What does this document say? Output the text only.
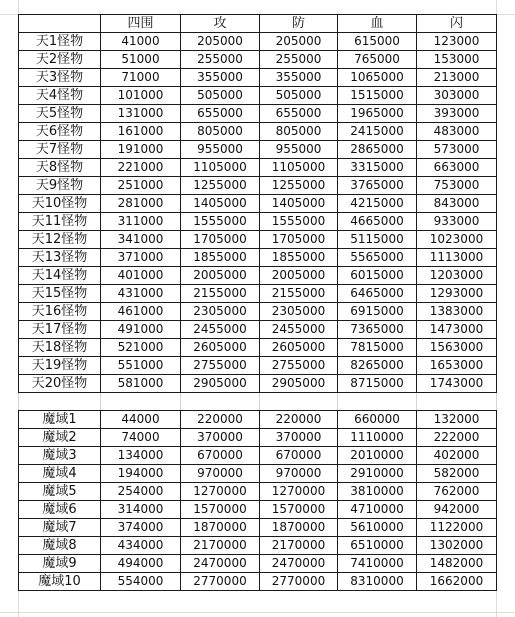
	四围	攻	防	血	闪
天1怪物	41000	205000	205000	615000	123000
天2怪物	51000	255000	255000	765000	153000
天3怪物	71000	355000	355000	1065000	213000
天4怪物	101000	505000	505000	1515000	303000
天5怪物	131000	655000	655000	1965000	393000
天6怪物	161000	805000	805000	2415000	483000
天7怪物	191000	955000	955000	2865000	573000
天8怪物	221000	1105000	1105000	3315000	663000
天9怪物	251000	1255000	1255000	3765000	753000
天10怪物	281000	1405000	1405000	4215000	843000
天11怪物	311000	1555000	1555000	4665000	933000
天12怪物	341000	1705000	1705000	5115000	1023000
天13怪物	371000	1855000	1855000	5565000	1113000
天14怪物	401000	2005000	2005000	6015000	1203000
天15怪物	431000	2155000	2155000	6465000	1293000
天16怪物	461000	2305000	2305000	6915000	1383000
天17怪物	491000	2455000	2455000	7365000	1473000
天18怪物	521000	2605000	2605000	7815000	1563000
天19怪物	551000	2755000	2755000	8265000	1653000
天20怪物	581000	2905000	2905000	8715000	1743000

魔域1	44000	220000	220000	660000	132000
魔域2	74000	370000	370000	1110000	222000
魔域3	134000	670000	670000	2010000	402000
魔域4	194000	970000	970000	2910000	582000
魔域5	254000	1270000	1270000	3810000	762000
魔域6	314000	1570000	1570000	4710000	942000
魔域7	374000	1870000	1870000	5610000	1122000
魔域8	434000	2170000	2170000	6510000	1302000
魔域9	494000	2470000	2470000	7410000	1482000
魔域10	554000	2770000	2770000	8310000	1662000
